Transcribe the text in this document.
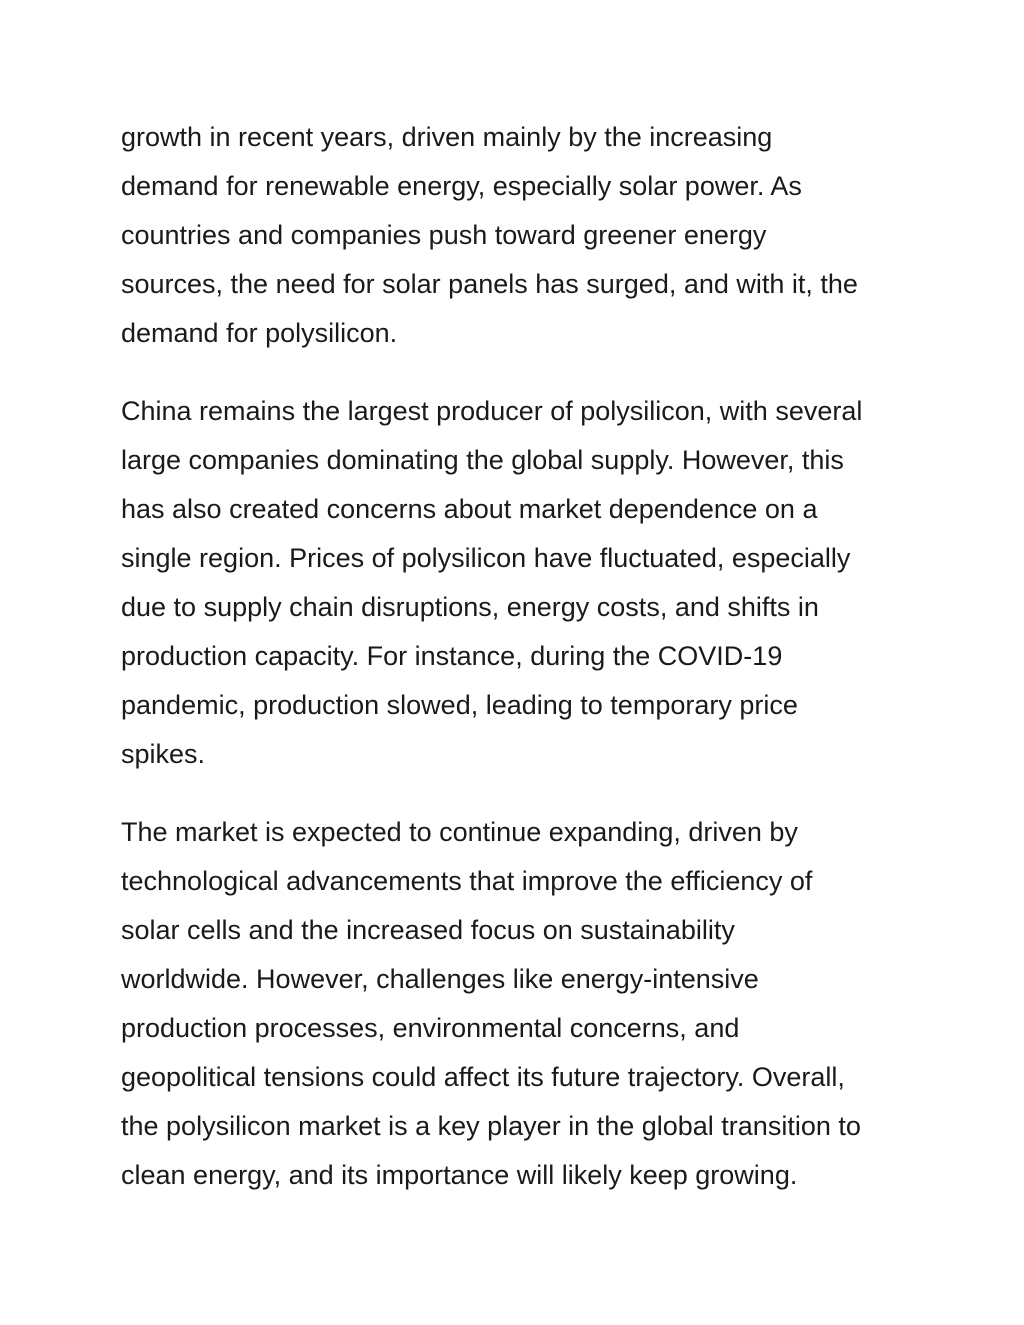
growth in recent years, driven mainly by the increasing
demand for renewable energy, especially solar power. As
countries and companies push toward greener energy
sources, the need for solar panels has surged, and with it, the
demand for polysilicon.

China remains the largest producer of polysilicon, with several
large companies dominating the global supply. However, this
has also created concerns about market dependence on a
single region. Prices of polysilicon have fluctuated, especially
due to supply chain disruptions, energy costs, and shifts in
production capacity. For instance, during the COVID-19
pandemic, production slowed, leading to temporary price
spikes.

The market is expected to continue expanding, driven by
technological advancements that improve the efficiency of
solar cells and the increased focus on sustainability
worldwide. However, challenges like energy-intensive
production processes, environmental concerns, and
geopolitical tensions could affect its future trajectory. Overall,
the polysilicon market is a key player in the global transition to
clean energy, and its importance will likely keep growing.
